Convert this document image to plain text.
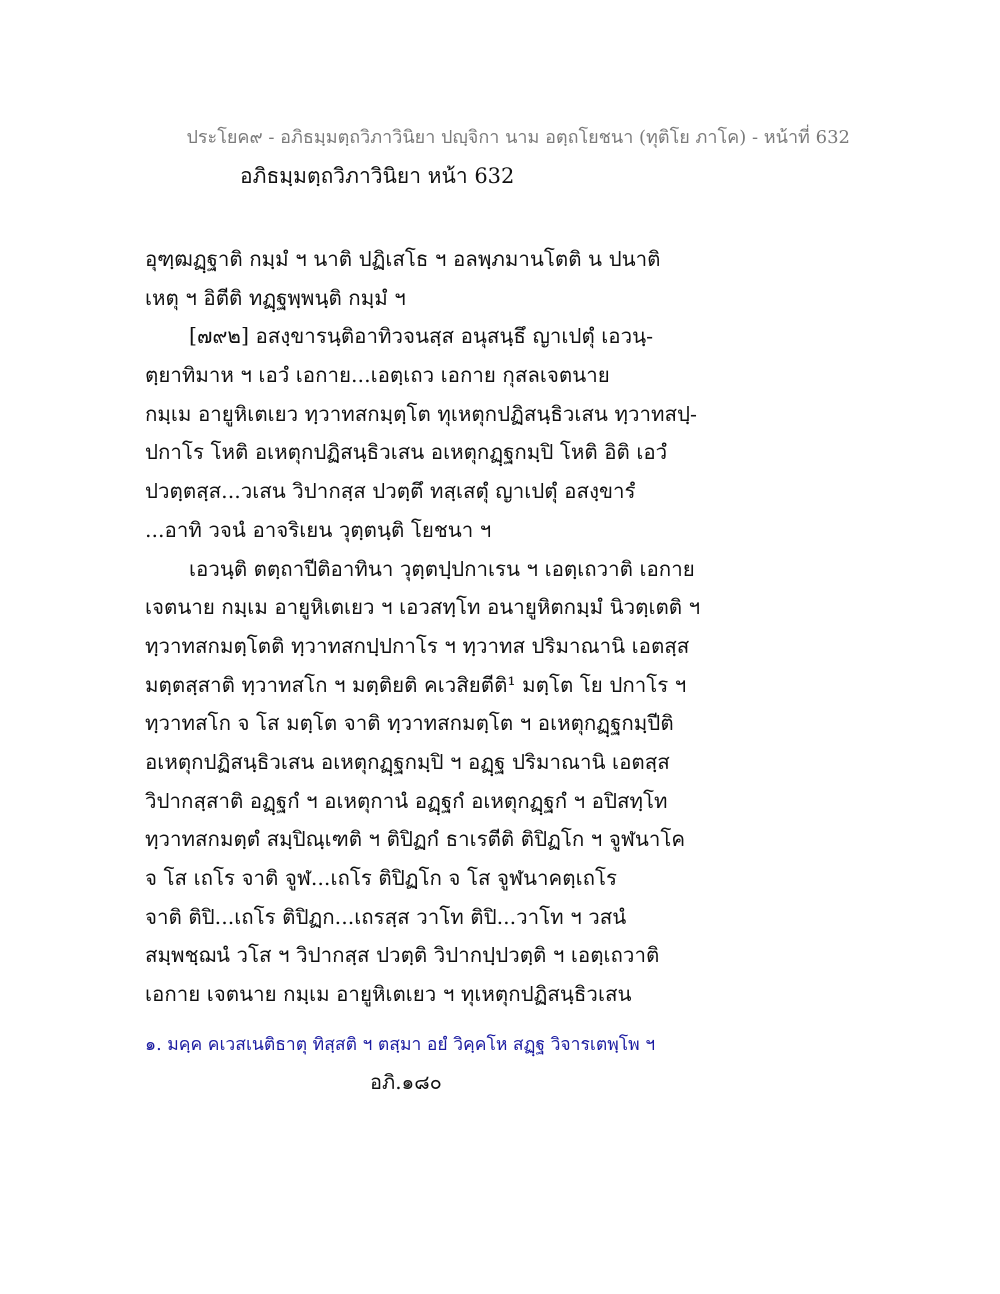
ประโยค๙ - อภิธมฺมตฺถวิภาวินิยา ปญฺจิกา นาม อตฺถโยชนา (ทุติโย ภาโค) - หน้าที่ 632
อภิธมฺมตฺถวิภาวินิยา หน้า 632
อุฑฺฒฏฺฐาติ กมฺมํ ฯ นาติ ปฏิเสโธ ฯ อลพฺภมานโตติ น ปนาติ
เหตุ ฯ อิตีติ ทฏฺฐพฺพนฺติ กมฺมํ ฯ
[๗๙๒] อสงฺขารนฺติอาทิวจนสฺส อนุสนฺธึ ญาเปตุํ เอวนฺ-
ตฺยาทิมาห ฯ เอวํ เอกาย...เอตฺเถว เอกาย กุสลเจตนาย
กมฺเม อายูหิเตเยว ทฺวาทสกมฺตฺโต ทุเหตุกปฏิสนฺธิวเสน ทฺวาทสปฺ-
ปกาโร โหติ อเหตุกปฏิสนฺธิวเสน อเหตุกฏฺฐกมฺปิ โหติ อิติ เอวํ
ปวตฺตสฺส...วเสน วิปากสฺส ปวตฺตึ ทสฺเสตุํ ญาเปตุํ อสงฺขารํ
...อาทิ วจนํ อาจริเยน วุตฺตนฺติ โยชนา ฯ
เอวนฺติ ตตฺถาปีติอาทินา วุตฺตปฺปกาเรน ฯ เอตฺเถวาติ เอกาย
เจตนาย กมฺเม อายูหิเตเยว ฯ เอวสทฺโท อนายูหิตกมฺมํ นิวตฺเตติ ฯ
ทฺวาทสกมตฺโตติ ทฺวาทสกปฺปกาโร ฯ ทฺวาทส ปริมาณานิ เอตสฺส
มตฺตสฺสาติ ทฺวาทสโก ฯ มตฺติยติ คเวสิยตีติ¹ มตฺโต โย ปกาโร ฯ
ทฺวาทสโก จ โส มตฺโต จาติ ทฺวาทสกมตฺโต ฯ อเหตุกฏฺฐกมฺปีติ
อเหตุกปฏิสนฺธิวเสน อเหตุกฏฺฐกมฺปิ ฯ อฏฺฐ ปริมาณานิ เอตสฺส
วิปากสฺสาติ อฏฺฐกํ ฯ อเหตุกานํ อฏฺฐกํ อเหตุกฏฺฐกํ ฯ อปิสทฺโท
ทฺวาทสกมตฺตํ สมฺปิณฺเฑติ ฯ ติปิฏกํ ธาเรตีติ ติปิฏโก ฯ จูฬนาโค
จ โส เถโร จาติ จูฬ...เถโร ติปิฏโก จ โส จูฬนาคตฺเถโร
จาติ ติปิ...เถโร ติปิฏก...เถรสฺส วาโท ติปิ...วาโท ฯ วสนํ
สมฺพชฺฌนํ วโส ฯ วิปากสฺส ปวตฺติ วิปากปฺปวตฺติ ฯ เอตฺเถวาติ
เอกาย เจตนาย กมฺเม อายูหิเตเยว ฯ ทุเหตุกปฏิสนฺธิวเสน
๑. มคฺค คเวสเนติธาตุ ทิสฺสติ ฯ ตสฺมา อยํ วิคฺคโห สฏฺฐ วิจารเตพฺโพ ฯ
อภิ.๑๘๐
